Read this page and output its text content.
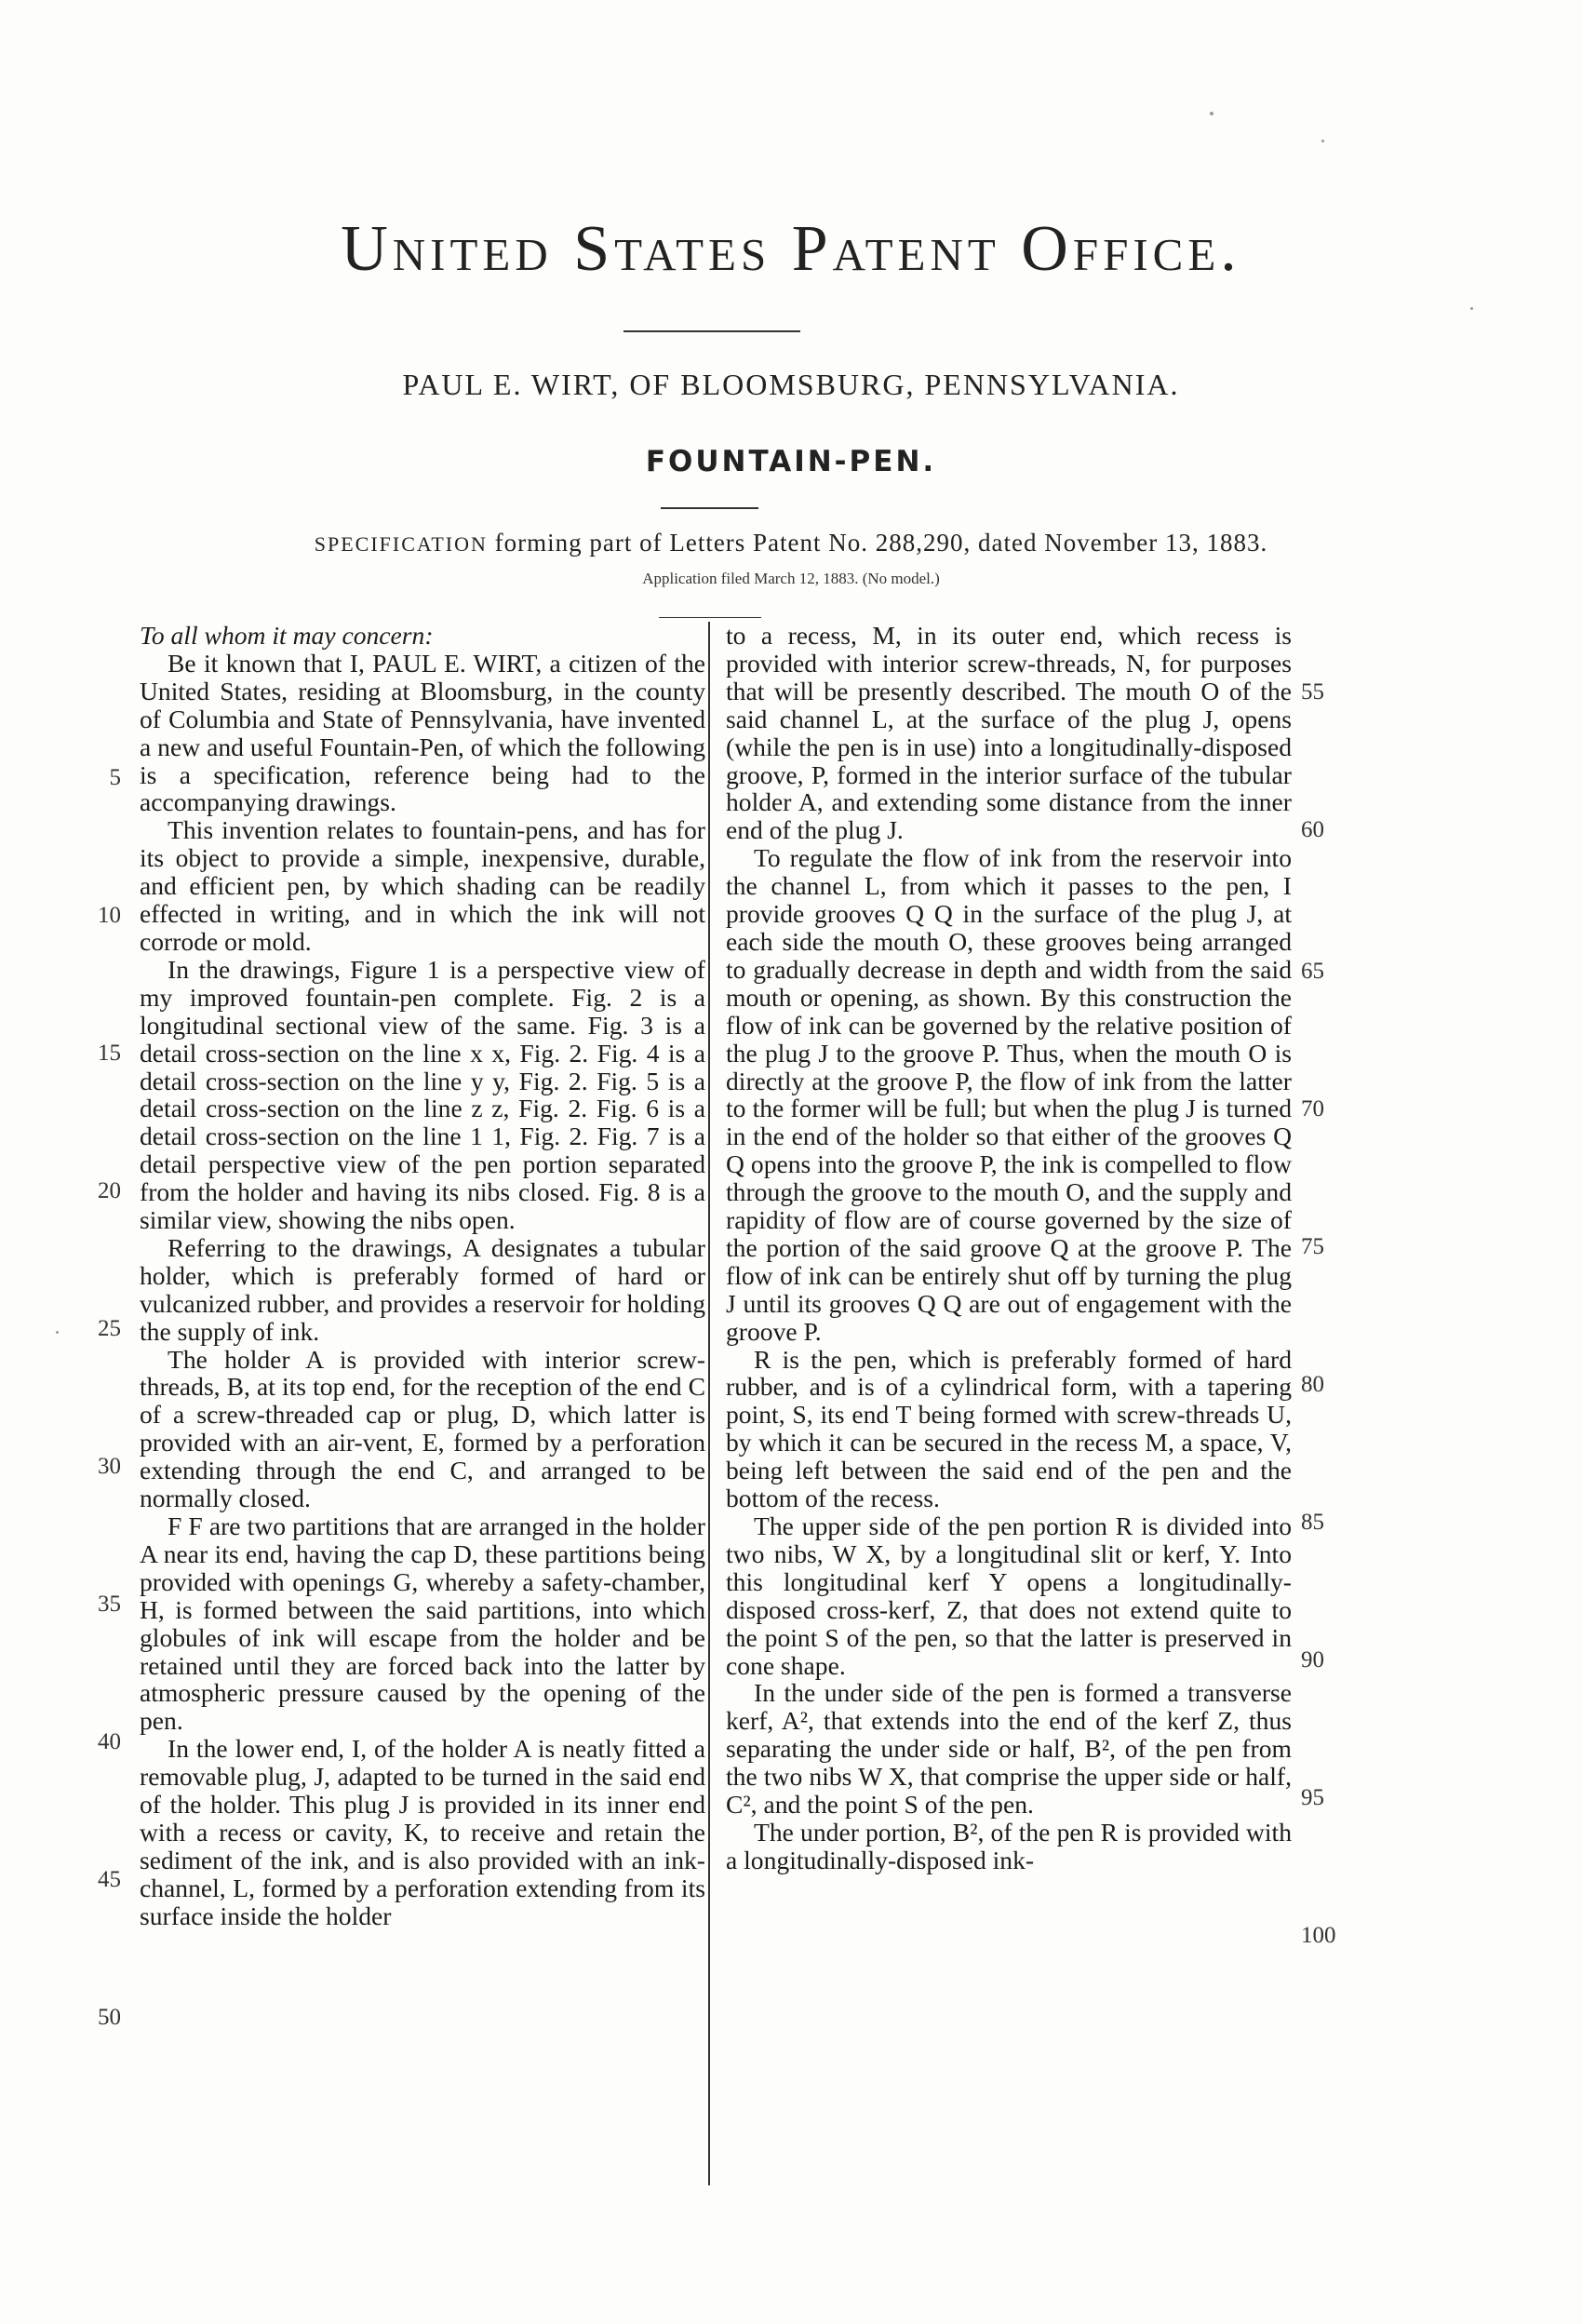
United States Patent Office.
PAUL E. WIRT, OF BLOOMSBURG, PENNSYLVANIA.
FOUNTAIN-PEN.
SPECIFICATION forming part of Letters Patent No. 288,290, dated November 13, 1883.
Application filed March 12, 1883. (No model.)

To all whom it may concern:

Be it known that I, PAUL E. WIRT, a citizen of the United States, residing at Bloomsburg, in the county of Columbia and State of Pennsylvania, have invented a new and useful Fountain-Pen, of which the following is a specification, reference being had to the accompanying drawings.

This invention relates to fountain-pens, and has for its object to provide a simple, inexpensive, durable, and efficient pen, by which shading can be readily effected in writing, and in which the ink will not corrode or mold.

In the drawings, Figure 1 is a perspective view of my improved fountain-pen complete. Fig. 2 is a longitudinal sectional view of the same. Fig. 3 is a detail cross-section on the line x x, Fig. 2. Fig. 4 is a detail cross-section on the line y y, Fig. 2. Fig. 5 is a detail cross-section on the line z z, Fig. 2. Fig. 6 is a detail cross-section on the line 1 1, Fig. 2. Fig. 7 is a detail perspective view of the pen portion separated from the holder and having its nibs closed. Fig. 8 is a similar view, showing the nibs open.

Referring to the drawings, A designates a tubular holder, which is preferably formed of hard or vulcanized rubber, and provides a reservoir for holding the supply of ink.

The holder A is provided with interior screw-threads, B, at its top end, for the reception of the end C of a screw-threaded cap or plug, D, which latter is provided with an air-vent, E, formed by a perforation extending through the end C, and arranged to be normally closed.

F F are two partitions that are arranged in the holder A near its end, having the cap D, these partitions being provided with openings G, whereby a safety-chamber, H, is formed between the said partitions, into which globules of ink will escape from the holder and be retained until they are forced back into the latter by atmospheric pressure caused by the opening of the pen.

In the lower end, I, of the holder A is neatly fitted a removable plug, J, adapted to be turned in the said end of the holder. This plug J is provided in its inner end with a recess or cavity, K, to receive and retain the sediment of the ink, and is also provided with an ink-channel, L, formed by a perforation extending from its surface inside the holder

to a recess, M, in its outer end, which recess is provided with interior screw-threads, N, for purposes that will be presently described. The mouth O of the said channel L, at the surface of the plug J, opens (while the pen is in use) into a longitudinally-disposed groove, P, formed in the interior surface of the tubular holder A, and extending some distance from the inner end of the plug J.

To regulate the flow of ink from the reservoir into the channel L, from which it passes to the pen, I provide grooves Q Q in the surface of the plug J, at each side the mouth O, these grooves being arranged to gradually decrease in depth and width from the said mouth or opening, as shown. By this construction the flow of ink can be governed by the relative position of the plug J to the groove P. Thus, when the mouth O is directly at the groove P, the flow of ink from the latter to the former will be full; but when the plug J is turned in the end of the holder so that either of the grooves Q Q opens into the groove P, the ink is compelled to flow through the groove to the mouth O, and the supply and rapidity of flow are of course governed by the size of the portion of the said groove Q at the groove P. The flow of ink can be entirely shut off by turning the plug J until its grooves Q Q are out of engagement with the groove P.

R is the pen, which is preferably formed of hard rubber, and is of a cylindrical form, with a tapering point, S, its end T being formed with screw-threads U, by which it can be secured in the recess M, a space, V, being left between the said end of the pen and the bottom of the recess.

The upper side of the pen portion R is divided into two nibs, W X, by a longitudinal slit or kerf, Y. Into this longitudinal kerf Y opens a longitudinally-disposed cross-kerf, Z, that does not extend quite to the point S of the pen, so that the latter is preserved in cone shape.

In the under side of the pen is formed a transverse kerf, A², that extends into the end of the kerf Z, thus separating the under side or half, B², of the pen from the two nibs W X, that comprise the upper side or half, C², and the point S of the pen.

The under portion, B², of the pen R is provided with a longitudinally-disposed ink-

5
10
15
20
25
30
35
40
45
50
55
60
65
70
75
80
85
90
95
100
